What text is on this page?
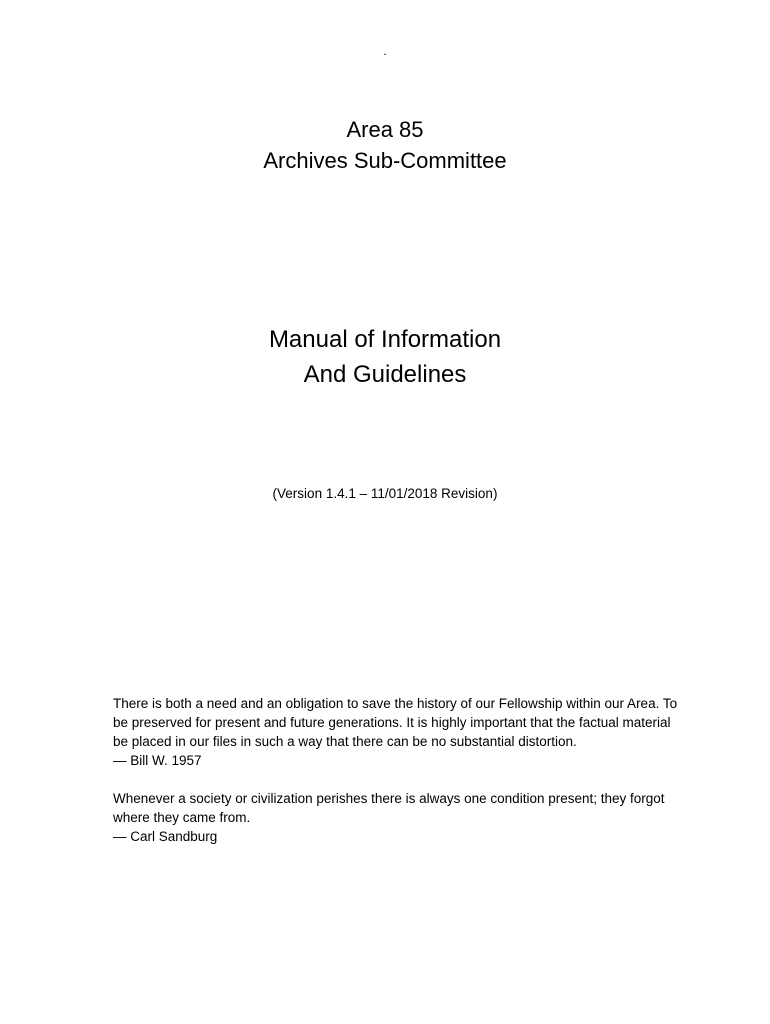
.
Area 85
Archives Sub-Committee
Manual of Information
And Guidelines
(Version 1.4.1 – 11/01/2018 Revision)
There is both a need and an obligation to save the history of our Fellowship within our Area. To
be preserved for present and future generations. It is highly important that the factual material
be placed in our files in such a way that there can be no substantial distortion.
— Bill W. 1957
Whenever a society or civilization perishes there is always one condition present; they forgot
where they came from.
— Carl Sandburg
